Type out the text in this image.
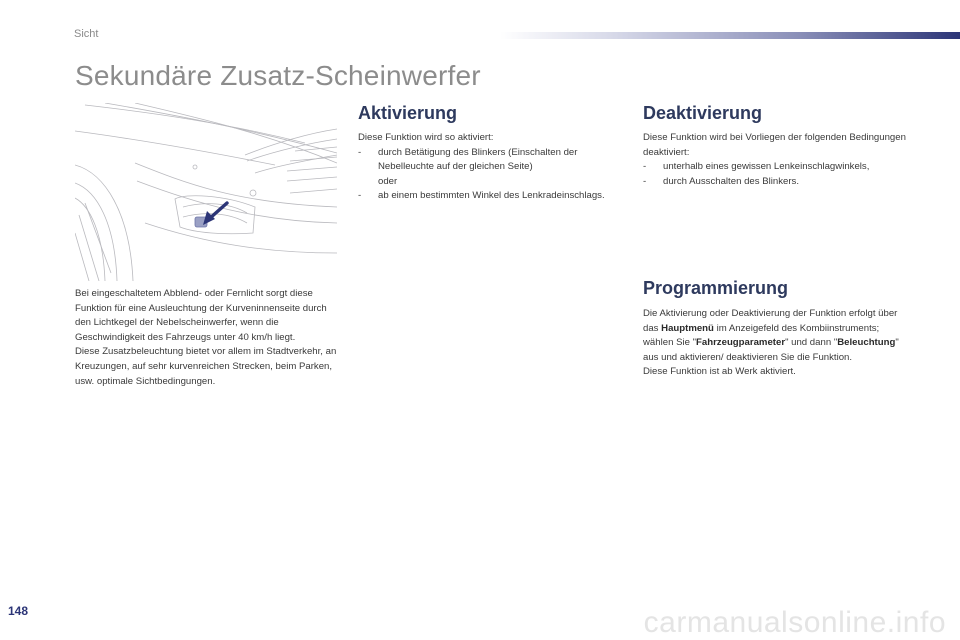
Sicht
Sekundäre Zusatz-Scheinwerfer

Bei eingeschaltetem Abblend- oder Fernlicht sorgt diese Funktion für eine Ausleuchtung der Kurveninnenseite durch den Lichtkegel der Nebelscheinwerfer, wenn die Geschwindigkeit des Fahrzeugs unter 40 km/h liegt.

Diese Zusatzbeleuchtung bietet vor allem im Stadtverkehr, an Kreuzungen, auf sehr kurvenreichen Strecken, beim Parken, usw. optimale Sichtbedingungen.

Aktivierung

Diese Funktion wird so aktiviert:

- durch Betätigung des Blinkers (Einschalten der Nebelleuchte auf der gleichen Seite)

oder

- ab einem bestimmten Winkel des Lenkradeinschlags.
Deaktivierung

Diese Funktion wird bei Vorliegen der folgenden Bedingungen deaktiviert:

- unterhalb eines gewissen Lenkeinschlagwinkels,
- durch Ausschalten des Blinkers.
Programmierung

Die Aktivierung oder Deaktivierung der Funktion erfolgt über das Hauptmenü im Anzeigefeld des Kombiinstruments; wählen Sie "Fahrzeugparameter" und dann "Beleuchtung" aus und aktivieren/ deaktivieren Sie die Funktion.

Diese Funktion ist ab Werk aktiviert.

148	carmanualsonline.info
